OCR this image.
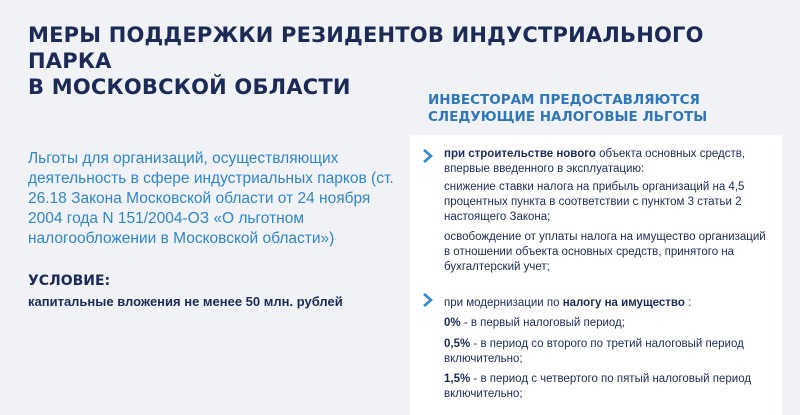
МЕРЫ ПОДДЕРЖКИ РЕЗИДЕНТОВ ИНДУСТРИАЛЬНОГО ПАРКА
В МОСКОВСКОЙ ОБЛАСТИ
ИНВЕСТОРАМ ПРЕДОСТАВЛЯЮТСЯ
СЛЕДУЮЩИЕ НАЛОГОВЫЕ ЛЬГОТЫ
Льготы для организаций, осуществляющих деятельность в сфере индустриальных парков (ст. 26.18 Закона Московской области от 24 ноября 2004 года N 151/2004-ОЗ «О льготном налогообложении в Московской области»)
УСЛОВИЕ:
капитальные вложения не менее 50 млн. рублей
при строительстве нового объекта основных средств, впервые введенного в эксплуатацию:
снижение ставки налога на прибыль организаций на 4,5 процентных пункта в соответствии с пунктом 3 статьи 2 настоящего Закона;
освобождение от уплаты налога на имущество организаций в отношении объекта основных средств, принятого на бухгалтерский учет;
при модернизации по налогу на имущество :
0% - в первый налоговый период;
0,5% - в период со второго по третий налоговый период включительно;
1,5% - в период с четвертого по пятый налоговый период включительно;
